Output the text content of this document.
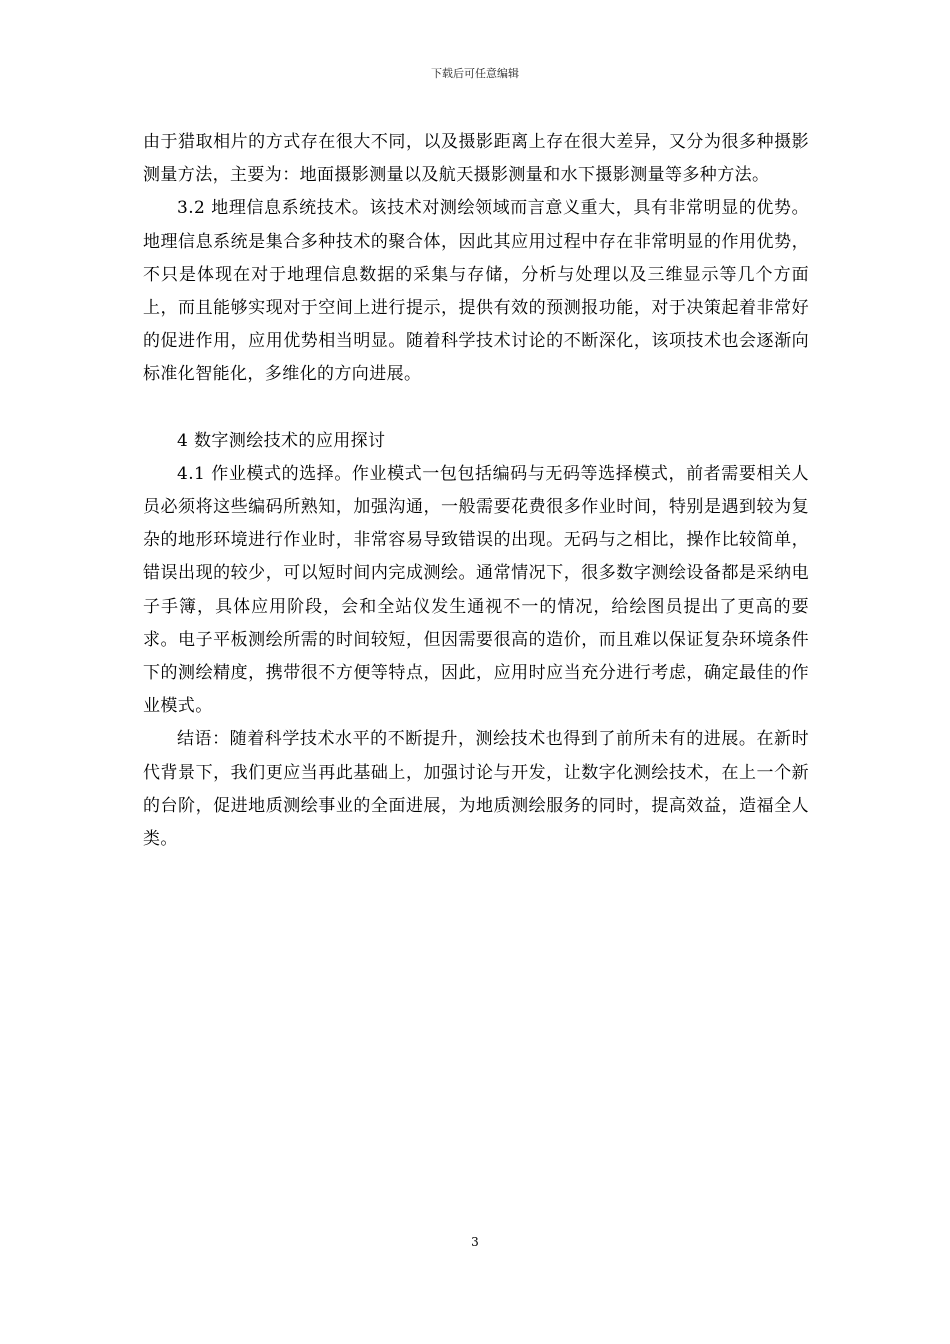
下载后可任意编辑

由于猎取相片的方式存在很大不同，以及摄影距离上存在很大差异，又分为很多种摄影测量方法，主要为：地面摄影测量以及航天摄影测量和水下摄影测量等多种方法。

3.2 地理信息系统技术。该技术对测绘领域而言意义重大，具有非常明显的优势。地理信息系统是集合多种技术的聚合体，因此其应用过程中存在非常明显的作用优势，不只是体现在对于地理信息数据的采集与存储，分析与处理以及三维显示等几个方面上，而且能够实现对于空间上进行提示，提供有效的预测报功能，对于决策起着非常好的促进作用，应用优势相当明显。随着科学技术讨论的不断深化，该项技术也会逐渐向标准化智能化，多维化的方向进展。

4 数字测绘技术的应用探讨

4.1 作业模式的选择。作业模式一包包括编码与无码等选择模式，前者需要相关人员必须将这些编码所熟知，加强沟通，一般需要花费很多作业时间，特别是遇到较为复杂的地形环境进行作业时，非常容易导致错误的出现。无码与之相比，操作比较简单，错误出现的较少，可以短时间内完成测绘。通常情况下，很多数字测绘设备都是采纳电子手簿，具体应用阶段，会和全站仪发生通视不一的情况，给绘图员提出了更高的要求。电子平板测绘所需的时间较短，但因需要很高的造价，而且难以保证复杂环境条件下的测绘精度，携带很不方便等特点，因此，应用时应当充分进行考虑，确定最佳的作业模式。

结语：随着科学技术水平的不断提升，测绘技术也得到了前所未有的进展。在新时代背景下，我们更应当再此基础上，加强讨论与开发，让数字化测绘技术，在上一个新的台阶，促进地质测绘事业的全面进展，为地质测绘服务的同时，提高效益，造福全人类。

3
